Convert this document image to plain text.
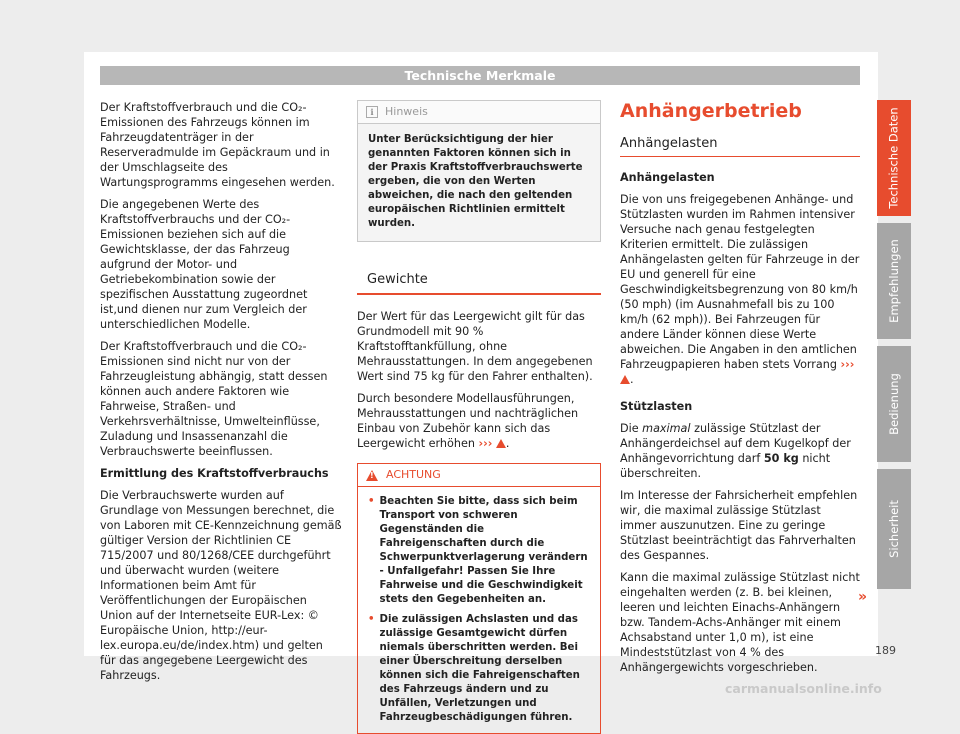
Technische Merkmale

Der Kraftstoffverbrauch und die CO₂-Emissionen des Fahrzeugs können im Fahrzeugdatenträger in der Reserveradmulde im Gepäckraum und in der Umschlagseite des Wartungsprogramms eingesehen werden.

Die angegebenen Werte des Kraftstoffverbrauchs und der CO₂-Emissionen beziehen sich auf die Gewichtsklasse, der das Fahrzeug aufgrund der Motor- und Getriebekombination sowie der spezifischen Ausstattung zugeordnet ist,und dienen nur zum Vergleich der unterschiedlichen Modelle.

Der Kraftstoffverbrauch und die CO₂-Emissionen sind nicht nur von der Fahrzeugleistung abhängig, statt dessen können auch andere Faktoren wie Fahrweise, Straßen- und Verkehrsverhältnisse, Umwelteinflüsse, Zuladung und Insassenanzahl die Verbrauchswerte beeinflussen.

Ermittlung des Kraftstoffverbrauchs

Die Verbrauchswerte wurden auf Grundlage von Messungen berechnet, die von Laboren mit CE-Kennzeichnung gemäß gültiger Version der Richtlinien CE 715/2007 und 80/1268/CEE durchgeführt und überwacht wurden (weitere Informationen beim Amt für Veröffentlichungen der Europäischen Union auf der Internetseite EUR-Lex: © Europäische Union, http://eur-lex.europa.eu/de/index.htm) und gelten für das angegebene Leergewicht des Fahrzeugs.

i	Hinweis
Unter Berücksichtigung der hier genannten Faktoren können sich in der Praxis Kraftstoffverbrauchswerte ergeben, die von den Werten abweichen, die nach den geltenden europäischen Richtlinien ermittelt wurden.
Gewichte

Der Wert für das Leergewicht gilt für das Grundmodell mit 90 % Kraftstofftankfüllung, ohne Mehrausstattungen. In dem angegebenen Wert sind 75 kg für den Fahrer enthalten).

Durch besondere Modellausführungen, Mehrausstattungen und nachträglichen Einbau von Zubehör kann sich das Leergewicht erhöhen ››› .

!
ACHTUNG
• Beachten Sie bitte, dass sich beim Transport von schweren Gegenständen die Fahreigenschaften durch die Schwerpunktverlagerung verändern - Unfallgefahr! Passen Sie Ihre Fahrweise und die Geschwindigkeit stets den Gegebenheiten an.
• Die zulässigen Achslasten und das zulässige Gesamtgewicht dürfen niemals überschritten werden. Bei einer Überschreitung derselben können sich die Fahreigenschaften des Fahrzeugs ändern und zu Unfällen, Verletzungen und Fahrzeugbeschädigungen führen.
Anhängerbetrieb
Anhängelasten

Anhängelasten

Die von uns freigegebenen Anhänge- und Stützlasten wurden im Rahmen intensiver Versuche nach genau festgelegten Kriterien ermittelt. Die zulässigen Anhängelasten gelten für Fahrzeuge in der EU und generell für eine Geschwindigkeitsbegrenzung von 80 km/h (50 mph) (im Ausnahmefall bis zu 100 km/h (62 mph)). Bei Fahrzeugen für andere Länder können diese Werte abweichen. Die Angaben in den amtlichen Fahrzeugpapieren haben stets Vorrang ››› .

Stützlasten

Die maximal zulässige Stützlast der Anhängerdeichsel auf dem Kugelkopf der Anhängevorrichtung darf 50 kg nicht überschreiten.

Im Interesse der Fahrsicherheit empfehlen wir, die maximal zulässige Stützlast immer auszunutzen. Eine zu geringe Stützlast beeinträchtigt das Fahrverhalten des Gespannes.

Kann die maximal zulässige Stützlast nicht eingehalten werden (z. B. bei kleinen, leeren und leichten Einachs-Anhängern bzw. Tandem-Achs-Anhänger mit einem Achsabstand unter 1,0 m), ist eine Mindeststützlast von 4 % des Anhängergewichts vorgeschrieben.

»
Technische Daten
Empfehlungen
Bedienung
Sicherheit
189
carmanualsonline.info
